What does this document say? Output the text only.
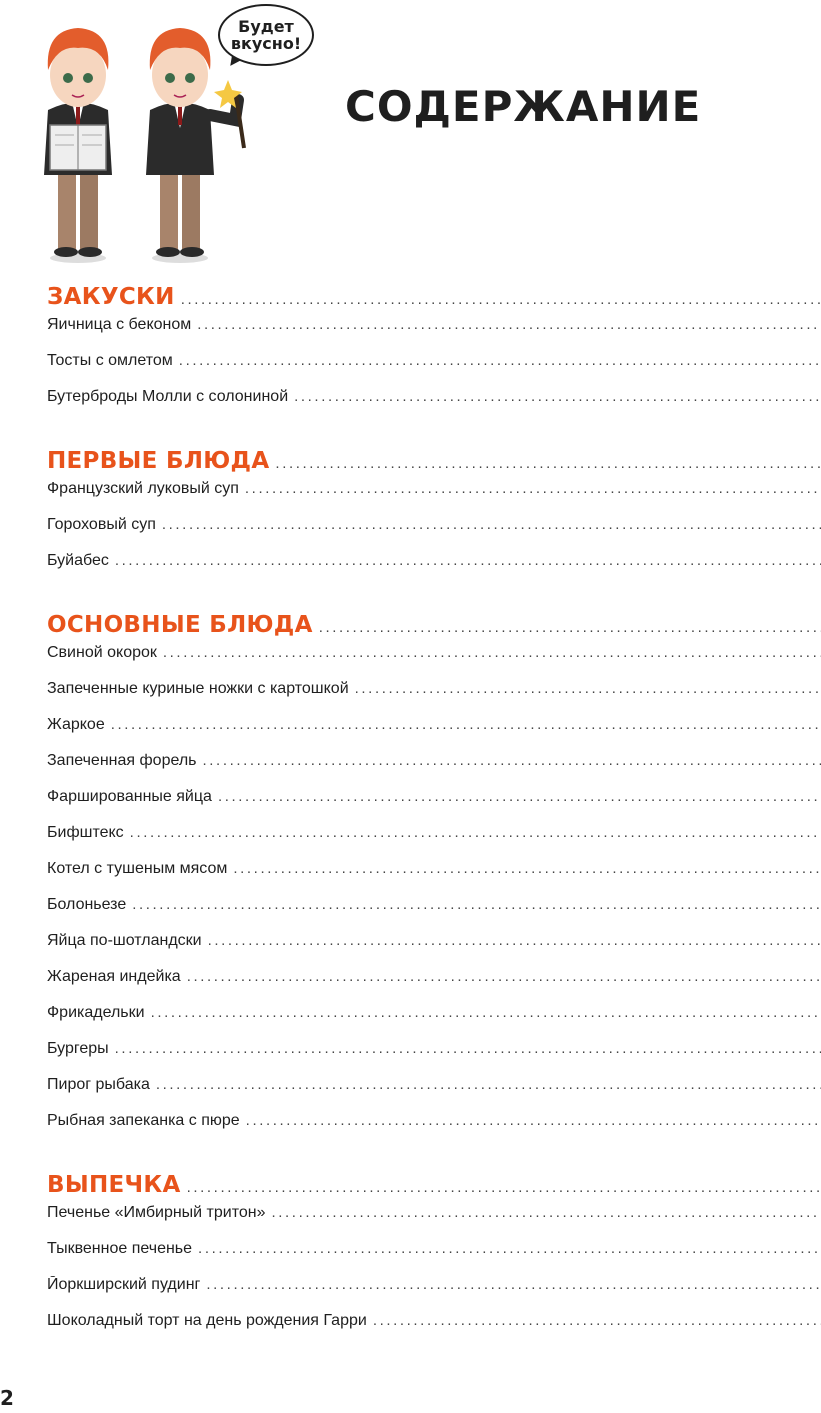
Будет вкусно!
СОДЕРЖАНИЕ
ЗАКУСКИ
.....
Яичница с беконом
.....
Тосты с омлетом
.....
Бутерброды Молли с солониной
.....
ПЕРВЫЕ БЛЮДА
.....
Французский луковый суп
.....
Гороховый суп
.....
Буйабес
.....
ОСНОВНЫЕ БЛЮДА
.....
Свиной окорок
.....
Запеченные куриные ножки с картошкой
.....
Жаркое
.....
Запеченная форель
.....
Фаршированные яйца
.....
Бифштекс
.....
Котел с тушеным мясом
.....
Болоньезе
.....
Яйца по-шотландски
.....
Жареная индейка
.....
Фрикадельки
.....
Бургеры
.....
Пирог рыбака
.....
Рыбная запеканка с пюре
.....
ВЫПЕЧКА
.....
Печенье «Имбирный тритон»
.....
Тыквенное печенье
.....
Йоркширский пудинг
.....
Шоколадный торт на день рождения Гарри
.....
2
